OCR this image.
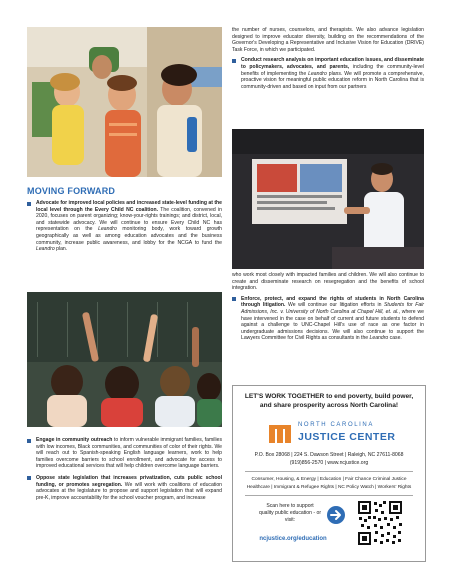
the number of nurses, counselors, and therapists. We also advance legislation designed to improve educator diversity, building on the recommendations of the Governor's Developing a Representative and Inclusive Vision for Education (DRIVE) Task Force, in which we participated.

Conduct research analysis on important education issues, and disseminate to policymakers, advocates, and parents, including the community-level benefits of implementing the Leandro plans. We will promote a comprehensive, proactive vision for meaningful public education reform in North Carolina that is community-driven and based on input from our partners
MOVING FORWARD
Advocate for improved local policies and increased state-level funding at the local level through the Every Child NC coalition. The coalition, convened in 2020, focuses on parent organizing; know-your-rights trainings; and district, local, and statewide advocacy. We will continue to ensure Every Child NC has representation on the Leandro monitoring body, work toward growth geographically as well as among education advocates and the business community, increase public awareness, and lobby for the NCGA to fund the Leandro plan.

who work most closely with impacted families and children. We will also continue to create and disseminate research on resegregation and the benefits of school integration.

Enforce, protect, and expand the rights of students in North Carolina through litigation. We will continue our litigation efforts in Students for Fair Admissions, Inc. v. University of North Carolina at Chapel Hill, et. al., where we have intervened in the case on behalf of current and future students to defend against a challenge to UNC-Chapel Hill's use of race as one factor in undergraduate admissions decisions. We will also continue to support the Lawyers Committee for Civil Rights as consultants in the Leandro case.
Engage in community outreach to inform vulnerable immigrant families, families with low incomes, Black communities, and communities of color of their rights. We will reach out to Spanish-speaking English language learners, work to help families overcome barriers to school enrollment, and advocate for access to improved educational services that will help children overcome language barriers.
Oppose state legislation that increases privatization, cuts public school funding, or promotes segregation. We will work with coalitions of education advocates at the legislature to propose and support legislation that will expand pre-K, improve accountability for the school voucher program, and increase
LET'S WORK TOGETHER to end poverty, build power, and share prosperity across North Carolina!
NORTH CAROLINA
JUSTICE CENTER
P.O. Box 28068 | 224 S. Dawson Street | Raleigh, NC 27611-8068
(919)856-2570 | www.ncjustice.org
Consumer, Housing, & Energy | Education | Fair Chance Criminal Justice
Healthcare | Immigrant & Refugee Rights | NC Policy Watch | Workers' Rights
Scan here to support quality public education - or visit:
ncjustice.org/education
